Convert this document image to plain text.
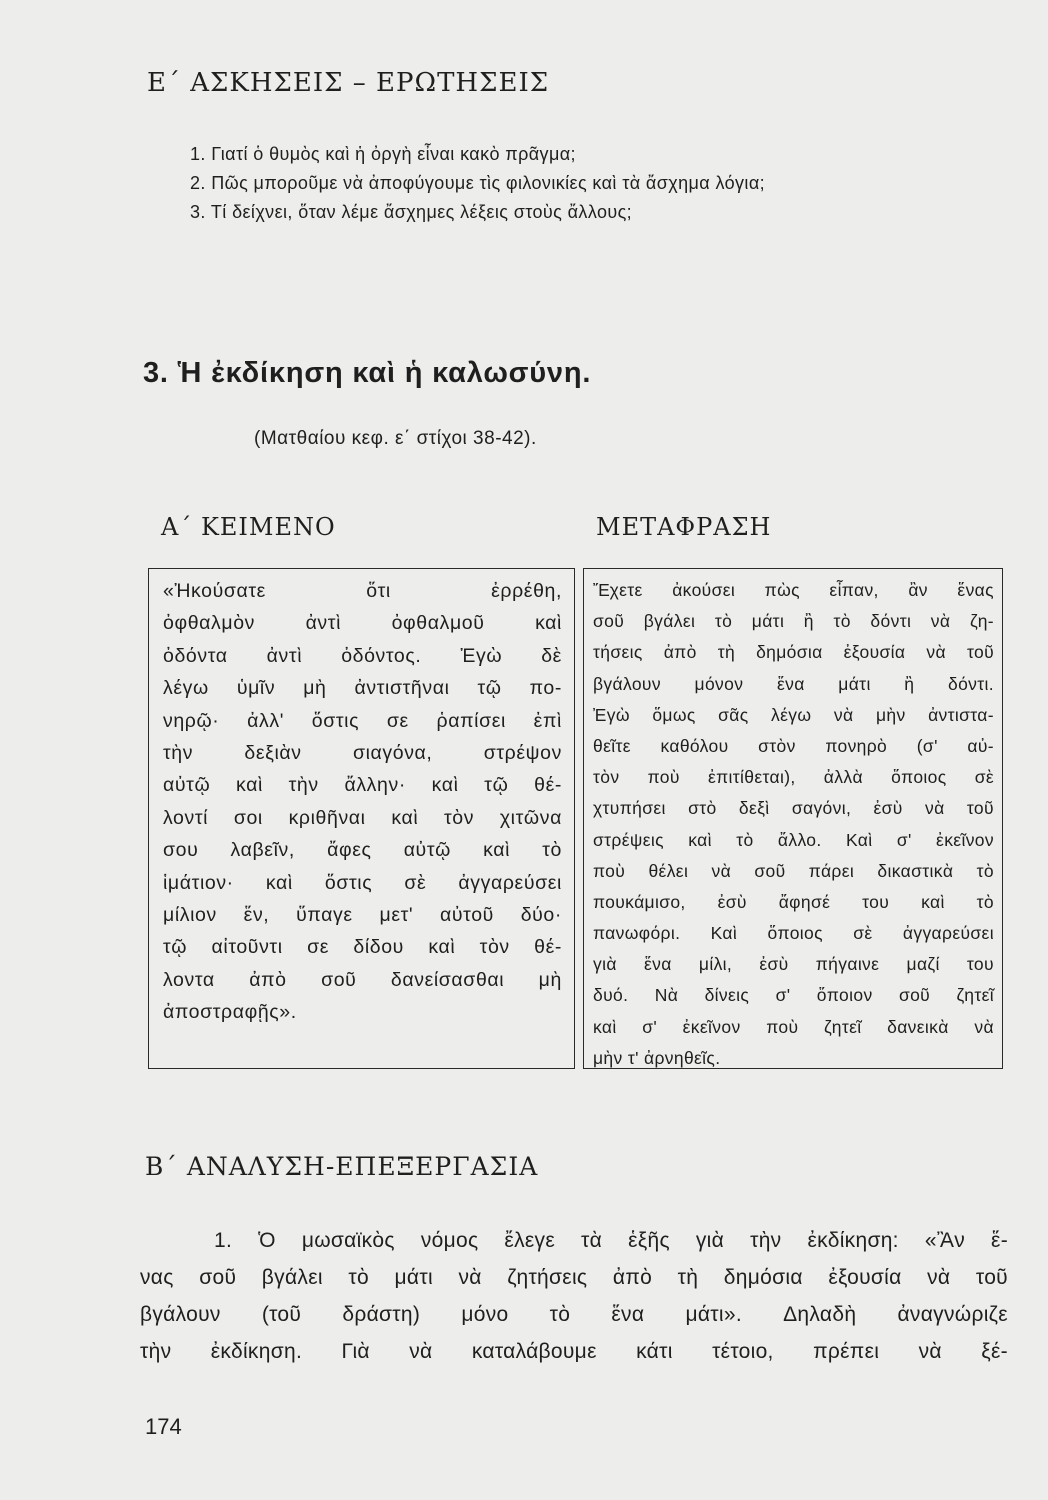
Ε΄ ΑΣΚΗΣΕΙΣ – ΕΡΩΤΗΣΕΙΣ
1. Γιατί ὁ θυμὸς καὶ ἡ ὀργὴ εἶναι κακὸ πρᾶγμα;
2. Πῶς μποροῦμε νὰ ἀποφύγουμε τὶς φιλονικίες καὶ τὰ ἄσχημα λόγια;
3. Τί δείχνει, ὅταν λέμε ἄσχημες λέξεις στοὺς ἄλλους;
3. Ἡ ἐκδίκηση καὶ ἡ καλωσύνη.
(Ματθαίου κεφ. ε΄ στίχοι 38-42).
Α΄ ΚΕΙΜΕΝΟ	ΜΕΤΑΦΡΑΣΗ
«Ἠκούσατε	ὅτι	ἐρρέθη,
ὀφθαλμὸν	ἀντὶ	ὀφθαλμοῦ	καὶ
ὀδόντα ἀντὶ ὀδόντος. Ἐγὼ δὲ
λέγω ὑμῖν μὴ ἀντιστῆναι τῷ πο-
νηρῷ· ἀλλ' ὅστις σε ῥαπίσει ἐπὶ
τὴν	δεξιὰν	σιαγόνα,	στρέψον
αὐτῷ καὶ τὴν ἄλλην· καὶ τῷ θέ-
λοντί σοι κριθῆναι καὶ τὸν χιτῶνα
σου λαβεῖν, ἄφες αὐτῷ καὶ τὸ
ἱμάτιον· καὶ ὅστις σὲ ἀγγαρεύσει
μίλιον ἕν, ὕπαγε μετ' αὐτοῦ δύο·
τῷ αἰτοῦντι σε δίδου καὶ τὸν θέ-
λοντα ἀπὸ σοῦ δανείσασθαι μὴ
ἀποστραφῇς».
Ἔχετε ἀκούσει πὼς εἶπαν, ἂν ἕνας
σοῦ βγάλει τὸ μάτι ἢ τὸ δόντι νὰ ζη-
τήσεις ἀπὸ τὴ δημόσια ἐξουσία νὰ τοῦ
βγάλουν μόνον ἕνα μάτι ἢ δόντι.
Ἐγὼ ὅμως σᾶς λέγω νὰ μὴν ἀντιστα-
θεῖτε καθόλου στὸν πονηρὸ (σ' αὐ-
τὸν ποὺ ἐπιτίθεται), ἀλλὰ ὅποιος σὲ
χτυπήσει στὸ δεξὶ σαγόνι, ἐσὺ νὰ τοῦ
στρέψεις καὶ τὸ ἄλλο. Καὶ σ' ἐκεῖνον
ποὺ θέλει νὰ σοῦ πάρει δικαστικὰ τὸ
πουκάμισο, ἐσὺ ἄφησέ του καὶ τὸ
πανωφόρι. Καὶ ὅποιος σὲ ἀγγαρεύσει
γιὰ ἕνα μίλι, ἐσὺ πήγαινε μαζί του
δυό. Νὰ δίνεις σ' ὅποιον σοῦ ζητεῖ
καὶ σ' ἐκεῖνον ποὺ ζητεῖ δανεικὰ νὰ
μὴν τ' ἀρνηθεῖς.
Β΄ ΑΝΑΛΥΣΗ-ΕΠΕΞΕΡΓΑΣΙΑ
1. Ὁ μωσαϊκὸς νόμος ἔλεγε τὰ ἑξῆς γιὰ τὴν ἐκδίκηση: «Ἂν ἕ-
νας σοῦ βγάλει τὸ μάτι νὰ ζητήσεις ἀπὸ τὴ δημόσια ἐξουσία νὰ τοῦ
βγάλουν (τοῦ δράστη) μόνο τὸ ἕνα μάτι». Δηλαδὴ ἀναγνώριζε
τὴν ἐκδίκηση. Γιὰ νὰ καταλάβουμε κάτι τέτοιο, πρέπει νὰ ξέ-
174
